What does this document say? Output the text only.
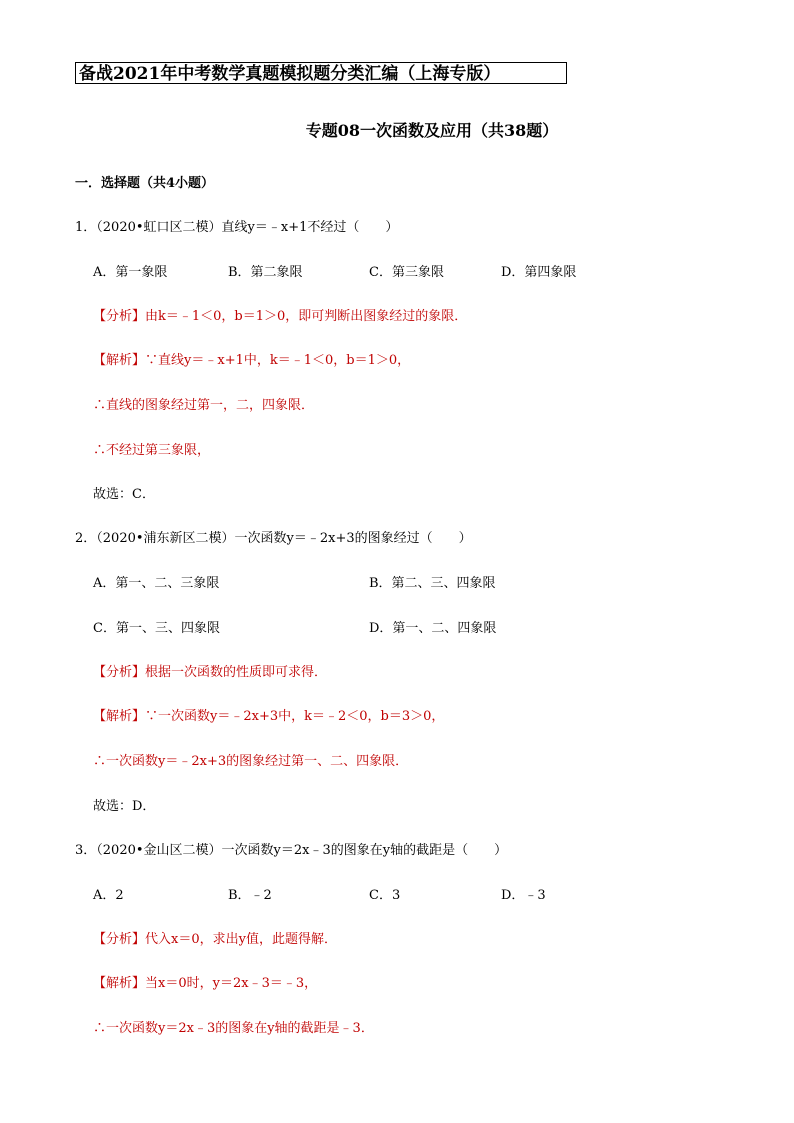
备战2021年中考数学真题模拟题分类汇编（上海专版）
专题08一次函数及应用（共38题）
一．选择题（共4小题）
1．（2020•虹口区二模）直线y＝﹣x+1不经过（　　）
A．第一象限	B．第二象限	C．第三象限	D．第四象限
【分析】由k＝﹣1＜0，b＝1＞0，即可判断出图象经过的象限．
【解析】∵直线y＝﹣x+1中，k＝﹣1＜0，b＝1＞0，
∴直线的图象经过第一，二，四象限．
∴不经过第三象限，
故选：C．
2．（2020•浦东新区二模）一次函数y＝﹣2x+3的图象经过（　　）
A．第一、二、三象限	B．第二、三、四象限
C．第一、三、四象限	D．第一、二、四象限
【分析】根据一次函数的性质即可求得．
【解析】∵一次函数y＝﹣2x+3中，k＝﹣2＜0，b＝3＞0，
∴一次函数y＝﹣2x+3的图象经过第一、二、四象限．
故选：D．
3．（2020•金山区二模）一次函数y＝2x﹣3的图象在y轴的截距是（　　）
A．2	B．﹣2	C．3	D．﹣3
【分析】代入x＝0，求出y值，此题得解．
【解析】当x＝0时，y＝2x﹣3＝﹣3，
∴一次函数y＝2x﹣3的图象在y轴的截距是﹣3．
